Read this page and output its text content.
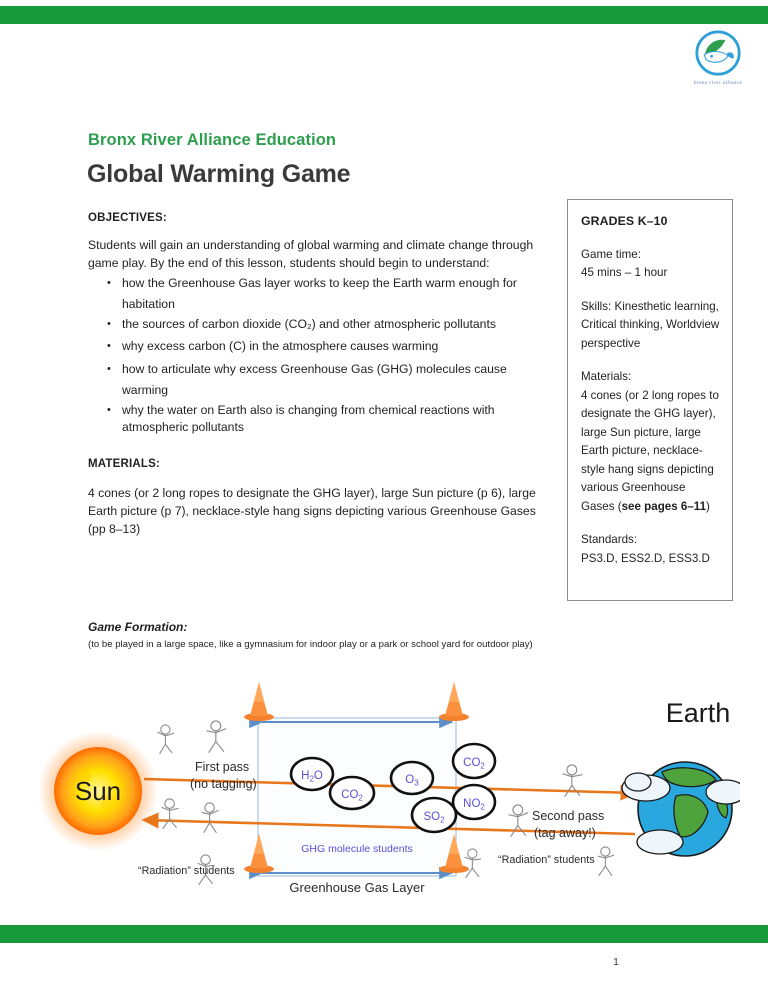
bronx river alliance
Bronx River Alliance Education
Global Warming Game
OBJECTIVES:

Students will gain an understanding of global warming and climate change through game play. By the end of this lesson, students should begin to understand:

• how the Greenhouse Gas layer works to keep the Earth warm enough for habitation
• the sources of carbon dioxide (CO₂) and other atmospheric pollutants
• why excess carbon (C) in the atmosphere causes warming
• how to articulate why excess Greenhouse Gas (GHG) molecules cause warming
• why the water on Earth also is changing from chemical reactions with atmospheric pollutants
MATERIALS:

4 cones (or 2 long ropes to designate the GHG layer), large Sun picture (p 6), large Earth picture (p 7), necklace-style hang signs depicting various Greenhouse Gases (pp 8–13)

GRADES K–10

Game time:
45 mins – 1 hour

Skills: Kinesthetic learning, Critical thinking, Worldview perspective

Materials:
4 cones (or 2 long ropes to designate the GHG layer), large Sun picture, large Earth picture, necklace-style hang signs depicting various Greenhouse Gases (see pages 6–11)

Standards:
PS3.D, ESS2.D, ESS3.D

Game Formation:
(to be played in a large space, like a gymnasium for indoor play or a park or school yard for outdoor play)
Sun
Earth
First pass
(no tagging)
Second pass
(tag away!)
“Radiation” students
“Radiation” students
GHG molecule students
Greenhouse Gas Layer
$H_2O$
$CO_2$
$O_3$
$SO_2$
$CO_2$
$NO_2$
1
